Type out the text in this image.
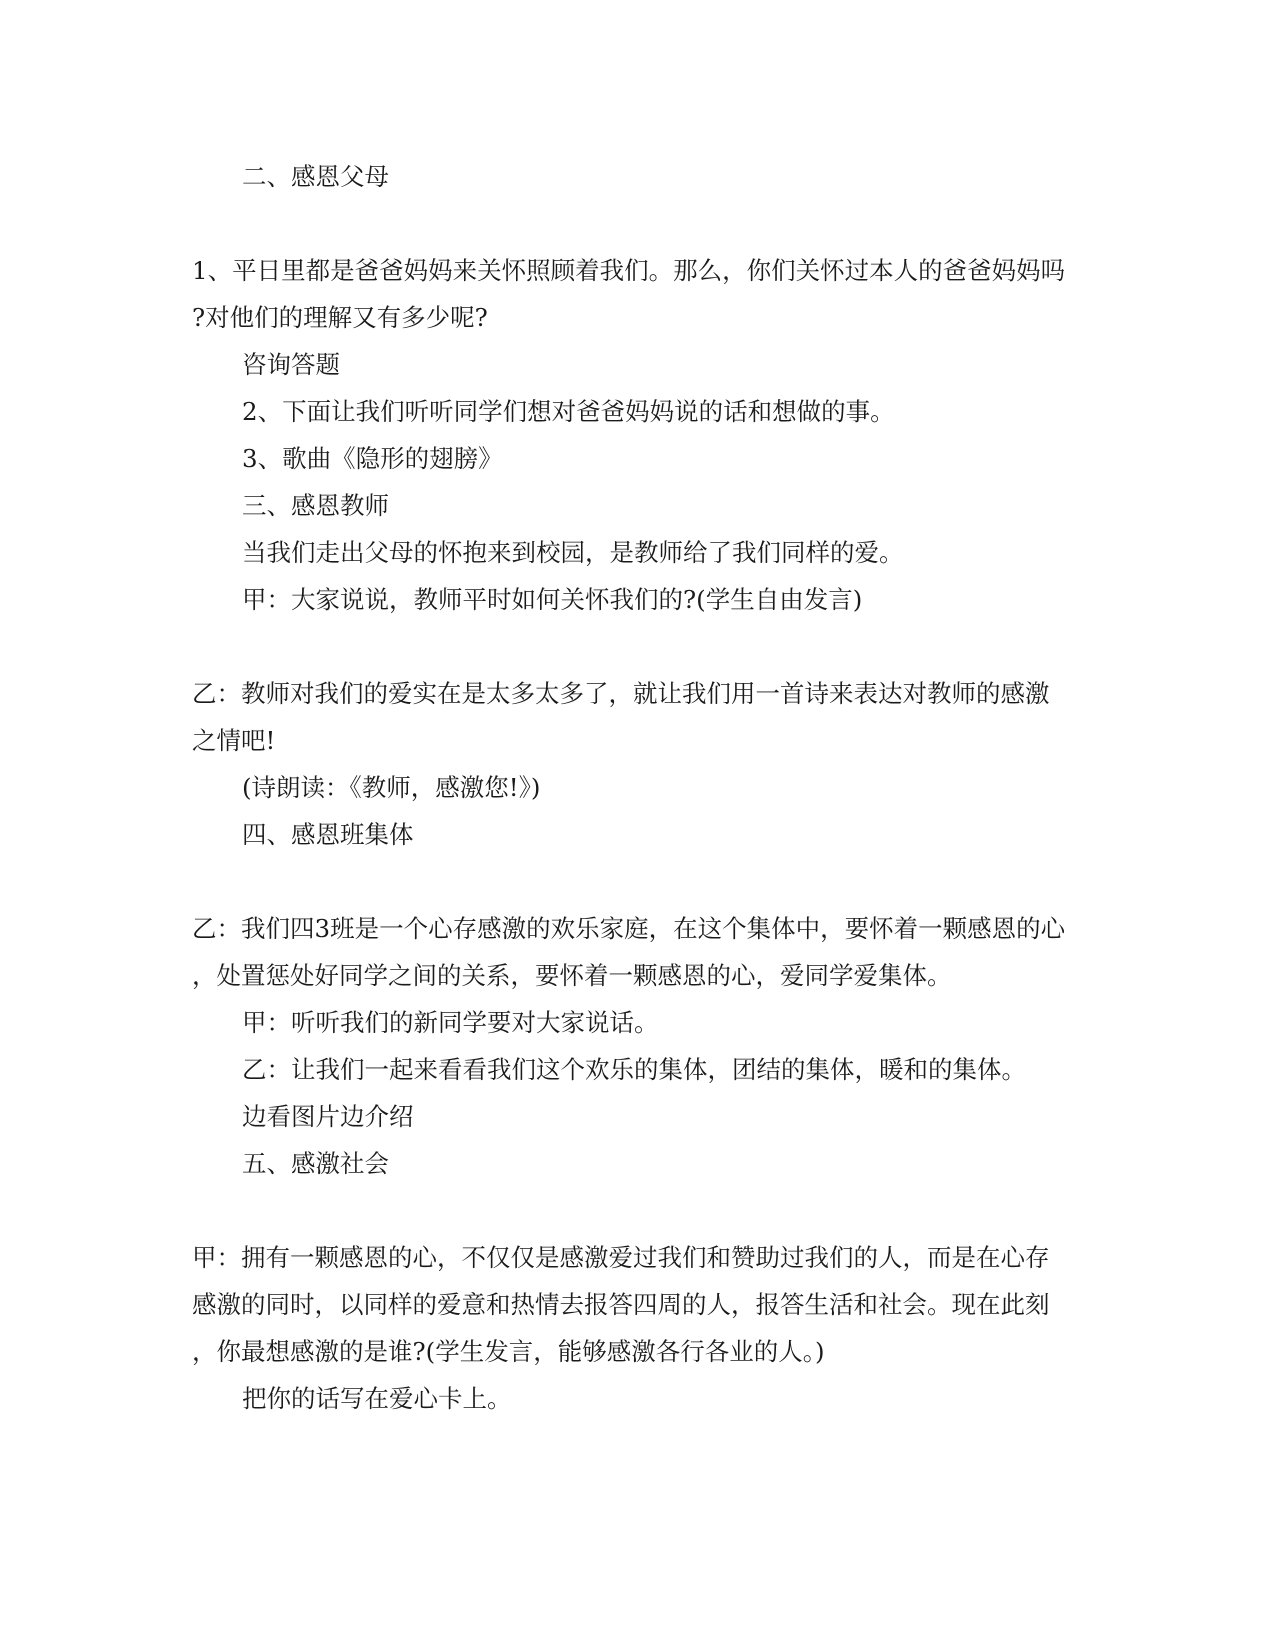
二、感恩父母
1、平日里都是爸爸妈妈来关怀照顾着我们。那么，你们关怀过本人的爸爸妈妈吗
?对他们的理解又有多少呢?
咨询答题
2、下面让我们听听同学们想对爸爸妈妈说的话和想做的事。
3、歌曲《隐形的翅膀》
三、感恩教师
当我们走出父母的怀抱来到校园，是教师给了我们同样的爱。
甲：大家说说，教师平时如何关怀我们的?(学生自由发言)
乙：教师对我们的爱实在是太多太多了，就让我们用一首诗来表达对教师的感激
之情吧!
(诗朗读：《教师，感激您!》)
四、感恩班集体
乙：我们四3班是一个心存感激的欢乐家庭，在这个集体中，要怀着一颗感恩的心
，处置惩处好同学之间的关系，要怀着一颗感恩的心，爱同学爱集体。
甲：听听我们的新同学要对大家说话。
乙：让我们一起来看看我们这个欢乐的集体，团结的集体，暖和的集体。
边看图片边介绍
五、感激社会
甲：拥有一颗感恩的心，不仅仅是感激爱过我们和赞助过我们的人，而是在心存
感激的同时，以同样的爱意和热情去报答四周的人，报答生活和社会。现在此刻
，你最想感激的是谁?(学生发言，能够感激各行各业的人。)
把你的话写在爱心卡上。
